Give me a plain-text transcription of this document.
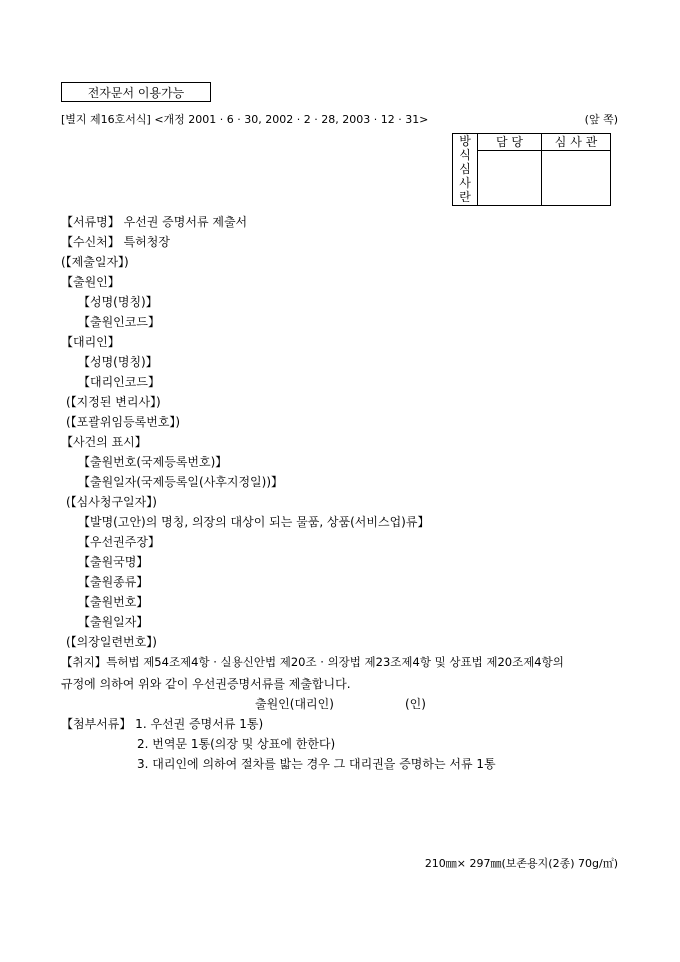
전자문서 이용가능
[별지 제16호서식] <개정 2001 · 6 · 30, 2002 · 2 · 28, 2003 · 12 · 31>	(앞 쪽)
방
식
심
사
란	담 당	심 사 관

【서류명】 우선권 증명서류 제출서
【수신처】 특허청장
(【제출일자】)
【출원인】
【성명(명칭)】
【출원인코드】
【대리인】
【성명(명칭)】
【대리인코드】
(【지정된 변리사】)
(【포괄위임등록번호】)
【사건의 표시】
【출원번호(국제등록번호)】
【출원일자(국제등록일(사후지정일))】
(【심사청구일자】)
【발명(고안)의 명칭, 의장의 대상이 되는 물품, 상품(서비스업)류】
【우선권주장】
【출원국명】
【출원종류】
【출원번호】
【출원일자】
(【의장일련번호】)
【취지】특허법 제54조제4항 · 실용신안법 제20조 · 의장법 제23조제4항 및 상표법 제20조제4항의
규정에 의하여 위와 같이 우선권증명서류를 제출합니다.
출원인(대리인)	(인)
【첨부서류】 1. 우선권 증명서류 1통)
2. 번역문 1통(의장 및 상표에 한한다)
3. 대리인에 의하여 절차를 밟는 경우 그 대리권을 증명하는 서류 1통
210㎜× 297㎜(보존용지(2종) 70g/㎡)
